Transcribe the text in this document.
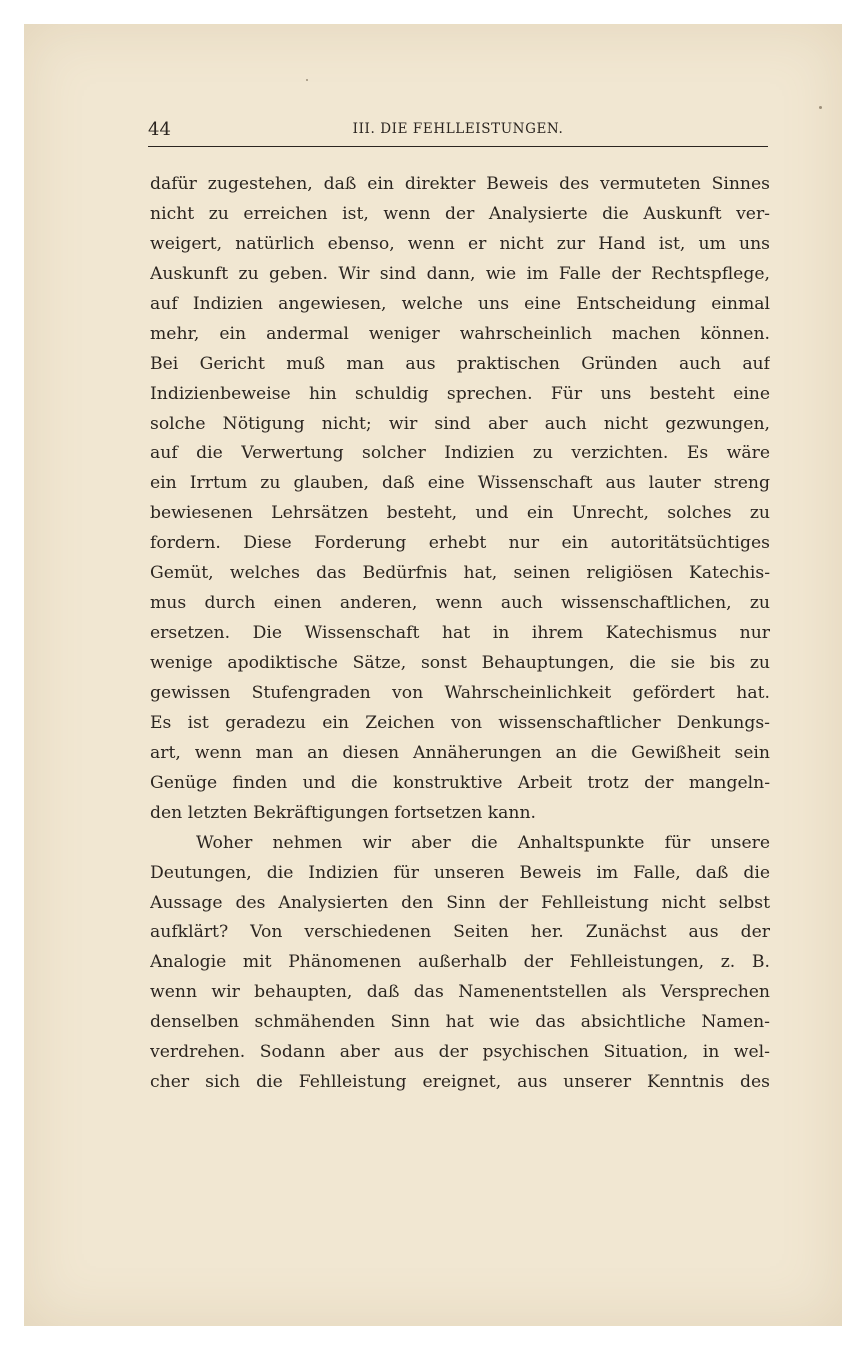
44	III. DIE FEHLLEISTUNGEN.
dafür zugestehen, daß ein direkter Beweis des vermuteten Sinnes
nicht zu erreichen ist, wenn der Analysierte die Auskunft ver-
weigert, natürlich ebenso, wenn er nicht zur Hand ist, um uns
Auskunft zu geben. Wir sind dann, wie im Falle der Rechtspflege,
auf Indizien angewiesen, welche uns eine Entscheidung einmal
mehr, ein andermal weniger wahrscheinlich machen können.
Bei Gericht muß man aus praktischen Gründen auch auf
Indizienbeweise hin schuldig sprechen. Für uns besteht eine
solche Nötigung nicht; wir sind aber auch nicht gezwungen,
auf die Verwertung solcher Indizien zu verzichten. Es wäre
ein Irrtum zu glauben, daß eine Wissenschaft aus lauter streng
bewiesenen Lehrsätzen besteht, und ein Unrecht, solches zu
fordern. Diese Forderung erhebt nur ein autoritätsüchtiges
Gemüt, welches das Bedürfnis hat, seinen religiösen Katechis-
mus durch einen anderen, wenn auch wissenschaftlichen, zu
ersetzen. Die Wissenschaft hat in ihrem Katechismus nur
wenige apodiktische Sätze, sonst Behauptungen, die sie bis zu
gewissen Stufengraden von Wahrscheinlichkeit gefördert hat.
Es ist geradezu ein Zeichen von wissenschaftlicher Denkungs-
art, wenn man an diesen Annäherungen an die Gewißheit sein
Genüge finden und die konstruktive Arbeit trotz der mangeln-
den letzten Bekräftigungen fortsetzen kann.
Woher nehmen wir aber die Anhaltspunkte für unsere
Deutungen, die Indizien für unseren Beweis im Falle, daß die
Aussage des Analysierten den Sinn der Fehlleistung nicht selbst
aufklärt? Von verschiedenen Seiten her. Zunächst aus der
Analogie mit Phänomenen außerhalb der Fehlleistungen, z. B.
wenn wir behaupten, daß das Namenentstellen als Versprechen
denselben schmähenden Sinn hat wie das absichtliche Namen-
verdrehen. Sodann aber aus der psychischen Situation, in wel-
cher sich die Fehlleistung ereignet, aus unserer Kenntnis des
